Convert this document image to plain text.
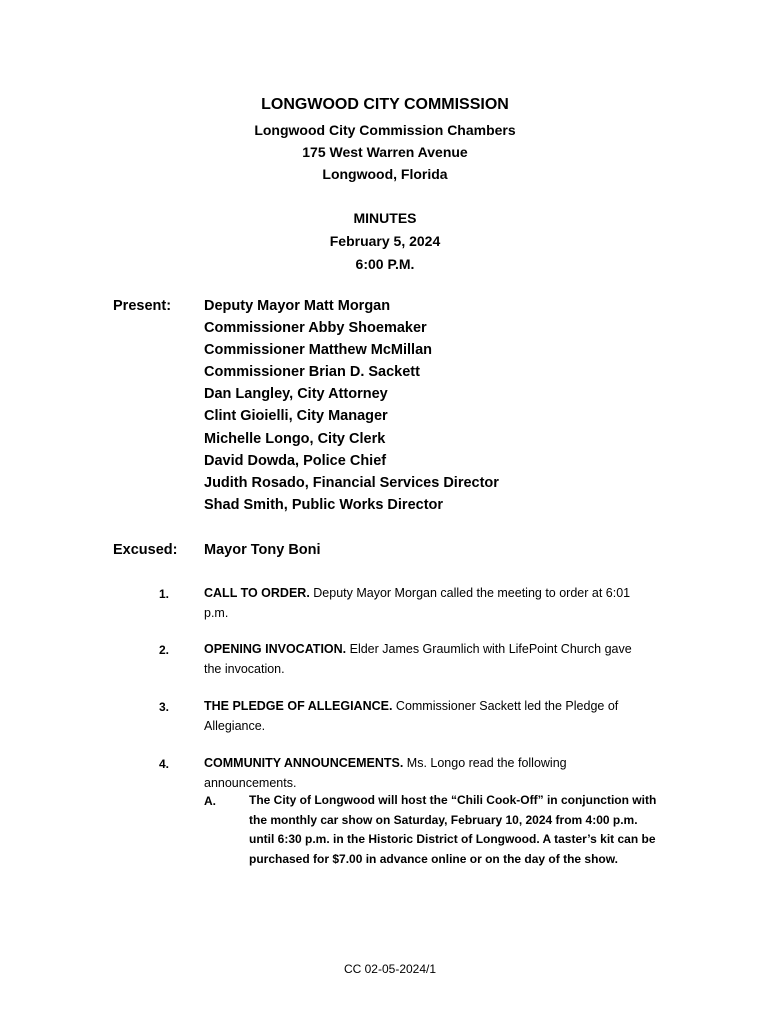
LONGWOOD CITY COMMISSION
Longwood City Commission Chambers
175 West Warren Avenue
Longwood, Florida
MINUTES
February 5, 2024
6:00 P.M.
Present: Deputy Mayor Matt Morgan
Commissioner Abby Shoemaker
Commissioner Matthew McMillan
Commissioner Brian D. Sackett
Dan Langley, City Attorney
Clint Gioielli, City Manager
Michelle Longo, City Clerk
David Dowda, Police Chief
Judith Rosado, Financial Services Director
Shad Smith, Public Works Director
Excused: Mayor Tony Boni
1.	CALL TO ORDER. Deputy Mayor Morgan called the meeting to order at 6:01 p.m.
2.	OPENING INVOCATION. Elder James Graumlich with LifePoint Church gave the invocation.
3.	THE PLEDGE OF ALLEGIANCE. Commissioner Sackett led the Pledge of Allegiance.
4.	COMMUNITY ANNOUNCEMENTS. Ms. Longo read the following announcements.
A.	The City of Longwood will host the “Chili Cook-Off” in conjunction with the monthly car show on Saturday, February 10, 2024 from 4:00 p.m. until 6:30 p.m. in the Historic District of Longwood. A taster’s kit can be purchased for $7.00 in advance online or on the day of the show.
CC 02-05-2024/1
